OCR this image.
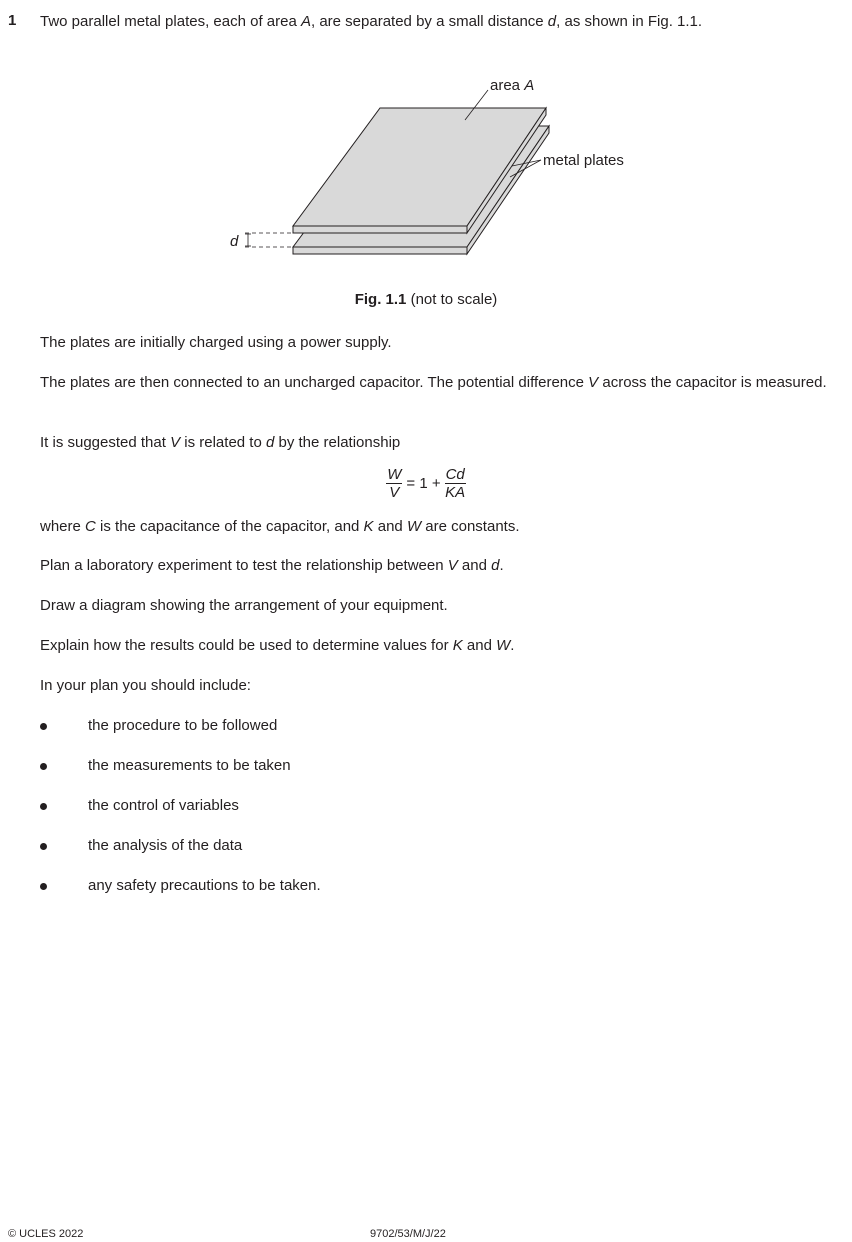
1 Two parallel metal plates, each of area A, are separated by a small distance d, as shown in Fig. 1.1.
d
area A
metal plates
Fig. 1.1 (not to scale)
The plates are initially charged using a power supply.
The plates are then connected to an uncharged capacitor. The potential difference V across the capacitor is measured.
It is suggested that V is related to d by the relationship
$\frac{W}{V} = 1 + \frac{Cd}{KA}$
where C is the capacitance of the capacitor, and K and W are constants.
Plan a laboratory experiment to test the relationship between V and d.
Draw a diagram showing the arrangement of your equipment.
Explain how the results could be used to determine values for K and W.
In your plan you should include:
the procedure to be followed
the measurements to be taken
the control of variables
the analysis of the data
any safety precautions to be taken.
© UCLES 2022	9702/53/M/J/22
